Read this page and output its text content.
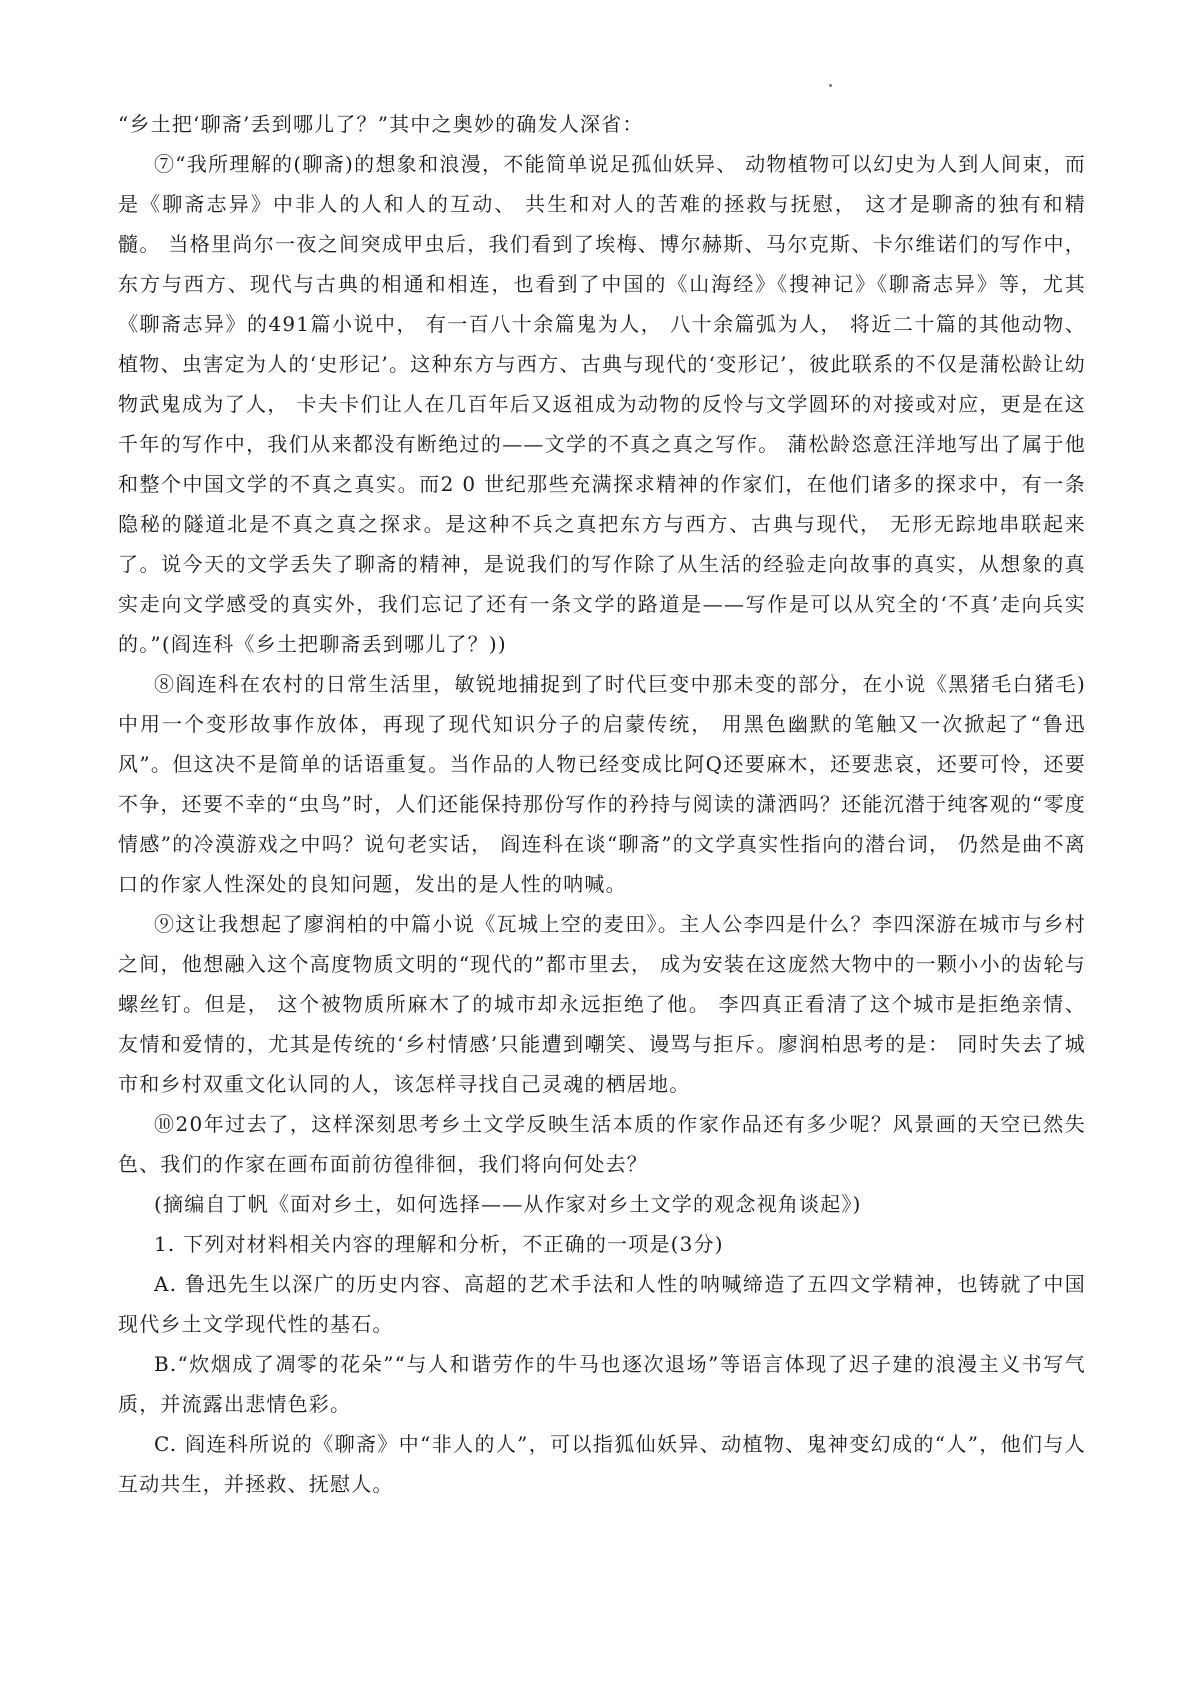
“乡土把‘聊斋’丢到哪儿了？”其中之奥妙的确发人深省：

⑦“我所理解的(聊斋)的想象和浪漫，不能简单说足孤仙妖异、 动物植物可以幻史为人到人间束，而是《聊斋志异》中非人的人和人的互动、 共生和对人的苦难的拯救与抚慰， 这才是聊斋的独有和精髓。 当格里尚尔一夜之间突成甲虫后，我们看到了埃梅、博尔赫斯、马尔克斯、卡尔维诺们的写作中，东方与西方、现代与古典的相通和相连，也看到了中国的《山海经》《搜神记》《聊斋志异》等，尤其《聊斋志异》的491篇小说中， 有一百八十余篇鬼为人， 八十余篇弧为人， 将近二十篇的其他动物、植物、虫害定为人的‘史形记’。这种东方与西方、古典与现代的‘变形记’，彼此联系的不仅是蒲松龄让幼物武鬼成为了人， 卡夫卡们让人在几百年后又返祖成为动物的反怜与文学圆环的对接或对应，更是在这千年的写作中，我们从来都没有断绝过的——文学的不真之真之写作。 蒲松龄恣意汪洋地写出了属于他和整个中国文学的不真之真实。而2 0 世纪那些充满探求精神的作家们，在他们诸多的探求中，有一条隐秘的隧道北是不真之真之探求。是这种不兵之真把东方与西方、古典与现代， 无形无踪地串联起来了。说今天的文学丢失了聊斋的精神，是说我们的写作除了从生活的经验走向故事的真实，从想象的真实走向文学感受的真实外，我们忘记了还有一条文学的路道是——写作是可以从究全的‘不真’走向兵实的。”(阎连科《乡土把聊斋丢到哪儿了？))

⑧阎连科在农村的日常生活里，敏锐地捕捉到了时代巨变中那未变的部分，在小说《黑猪毛白猪毛)中用一个变形故事作放体，再现了现代知识分子的启蒙传统， 用黑色幽默的笔触又一次掀起了“鲁迅风”。但这决不是简单的话语重复。当作品的人物已经变成比阿Q还要麻木，还要悲哀，还要可怜，还要不争，还要不幸的“虫鸟”时，人们还能保持那份写作的矜持与阅读的潇洒吗？还能沉潜于纯客观的“零度情感”的冷漠游戏之中吗？说句老实话， 阎连科在谈“聊斋”的文学真实性指向的潜台词， 仍然是曲不离口的作家人性深处的良知问题，发出的是人性的呐喊。

⑨这让我想起了廖润柏的中篇小说《瓦城上空的麦田》。主人公李四是什么？李四深游在城市与乡村之间，他想融入这个高度物质文明的“现代的”都市里去， 成为安装在这庞然大物中的一颗小小的齿轮与螺丝钉。但是， 这个被物质所麻木了的城市却永远拒绝了他。 李四真正看清了这个城市是拒绝亲情、友情和爱情的，尤其是传统的‘乡村情感’只能遭到嘲笑、谩骂与拒斥。廖润柏思考的是： 同时失去了城市和乡村双重文化认同的人，该怎样寻找自己灵魂的栖居地。

⑩20年过去了，这样深刻思考乡土文学反映生活本质的作家作品还有多少呢？风景画的天空已然失色、我们的作家在画布面前彷徨徘徊，我们将向何处去？

(摘编自丁帆《面对乡土，如何选择——从作家对乡土文学的观念视角谈起》)

1. 下列对材料相关内容的理解和分析，不正确的一项是(3分)

A. 鲁迅先生以深广的历史内容、高超的艺术手法和人性的呐喊缔造了五四文学精神，也铸就了中国现代乡土文学现代性的基石。

B.“炊烟成了凋零的花朵”“与人和谐劳作的牛马也逐次退场”等语言体现了迟子建的浪漫主义书写气质，并流露出悲情色彩。

C. 阎连科所说的《聊斋》中“非人的人”，可以指狐仙妖异、动植物、鬼神变幻成的“人”，他们与人互动共生，并拯救、抚慰人。
